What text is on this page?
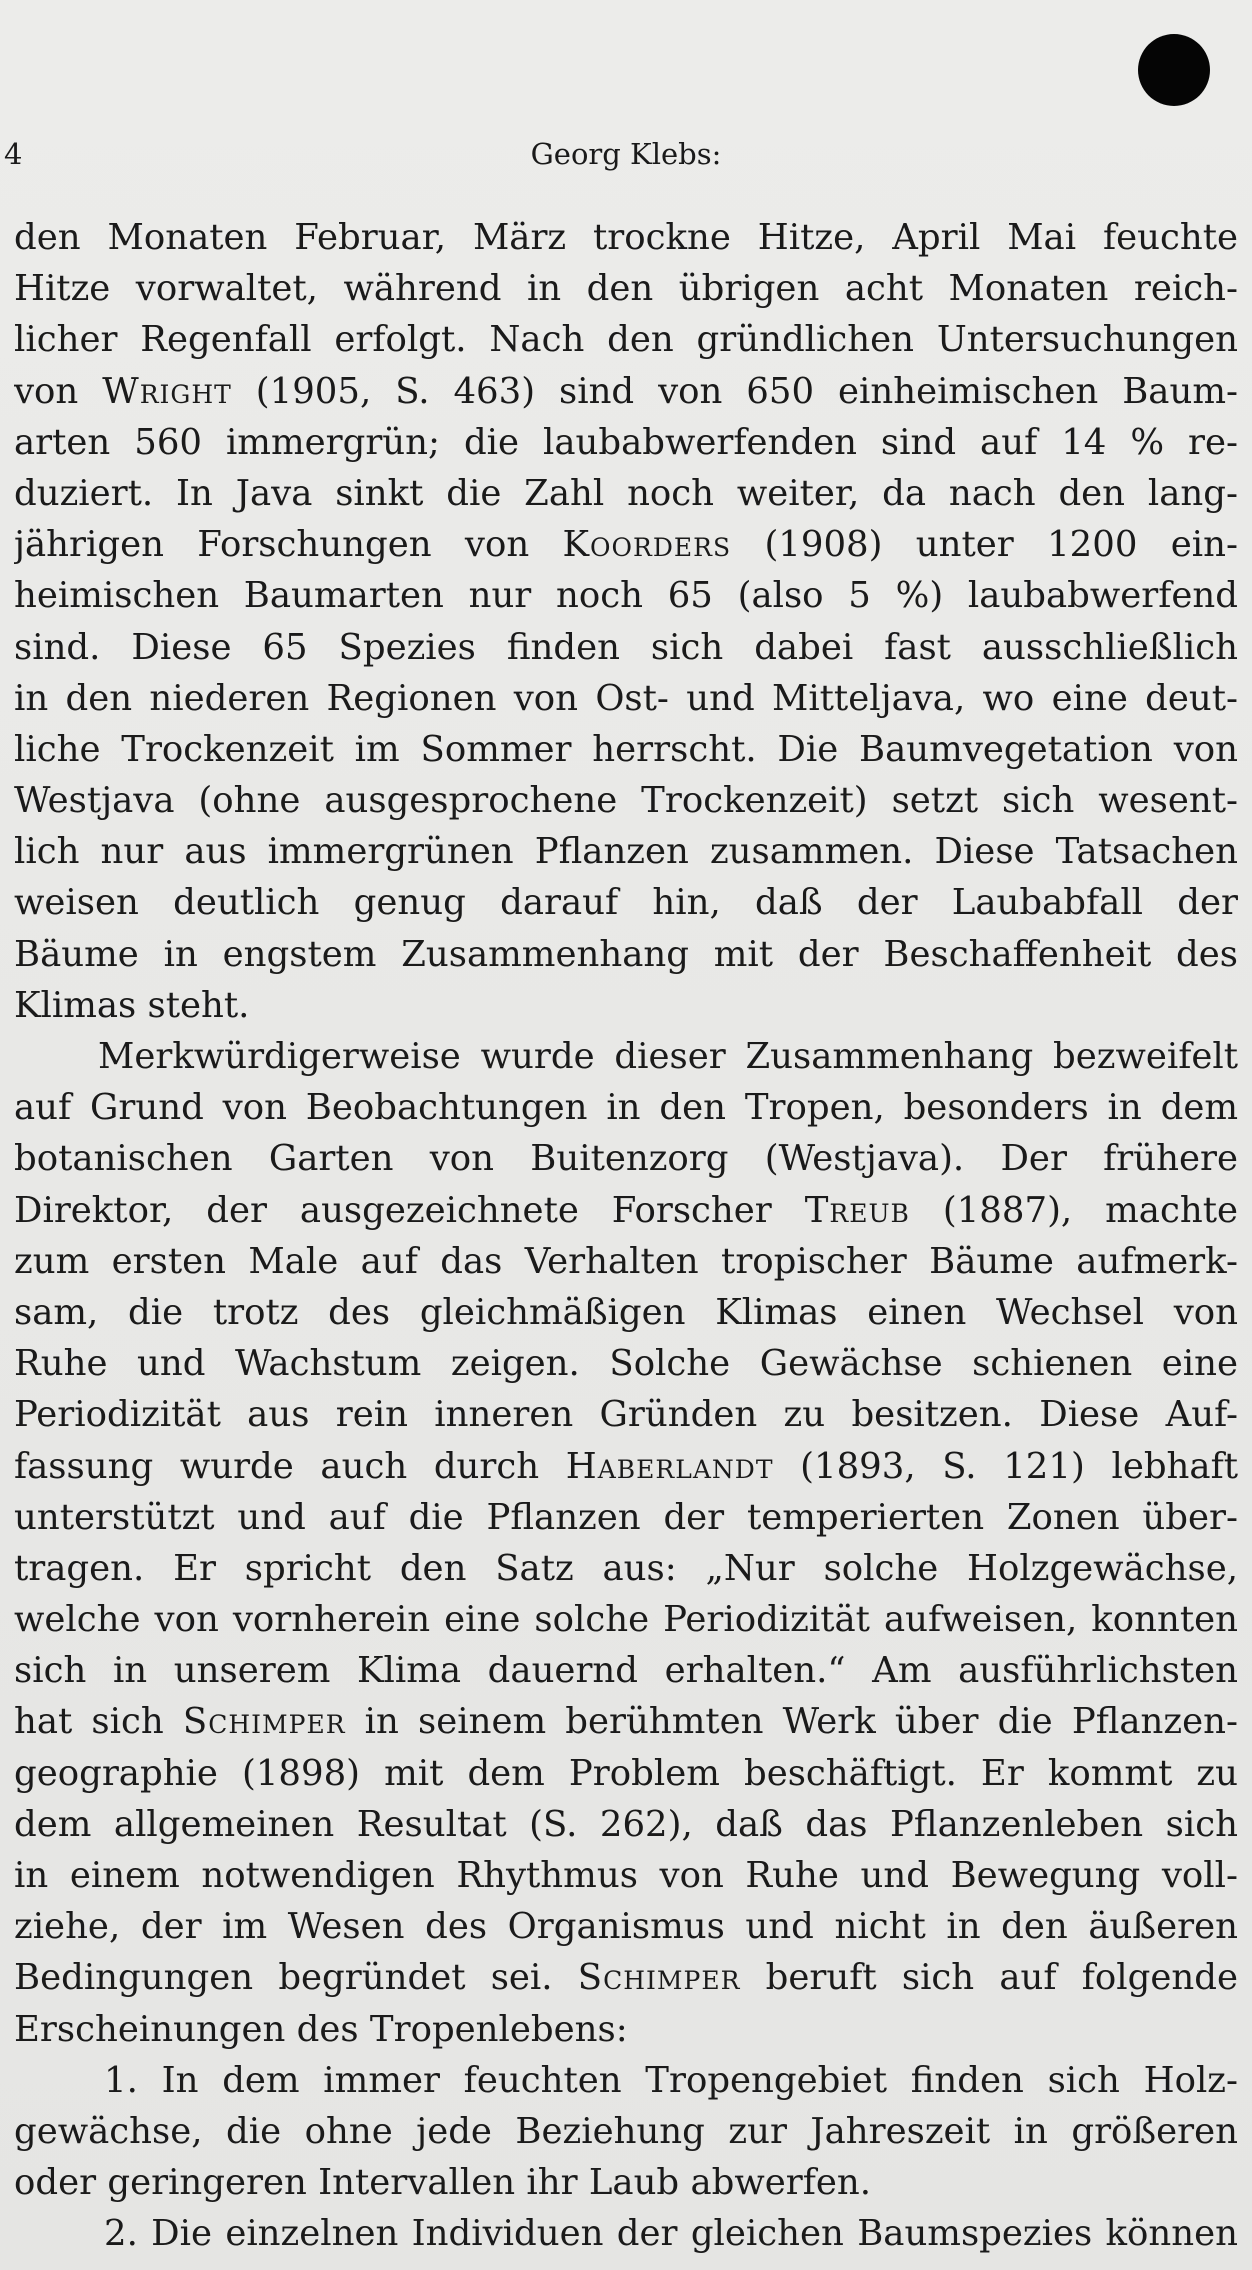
4	Georg Klebs:
den Monaten Februar, März trockne Hitze, April Mai feuchte
Hitze vorwaltet, während in den übrigen acht Monaten reich-
licher Regenfall erfolgt. Nach den gründlichen Untersuchungen
von Wright (1905, S. 463) sind von 650 einheimischen Baum-
arten 560 immergrün; die laubabwerfenden sind auf 14 % re-
duziert. In Java sinkt die Zahl noch weiter, da nach den lang-
jährigen Forschungen von Koorders (1908) unter 1200 ein-
heimischen Baumarten nur noch 65 (also 5 %) laubabwerfend
sind. Diese 65 Spezies finden sich dabei fast ausschließlich
in den niederen Regionen von Ost- und Mitteljava, wo eine deut-
liche Trockenzeit im Sommer herrscht. Die Baumvegetation von
Westjava (ohne ausgesprochene Trockenzeit) setzt sich wesent-
lich nur aus immergrünen Pflanzen zusammen. Diese Tatsachen
weisen deutlich genug darauf hin, daß der Laubabfall der
Bäume in engstem Zusammenhang mit der Beschaffenheit des
Klimas steht.
Merkwürdigerweise wurde dieser Zusammenhang bezweifelt
auf Grund von Beobachtungen in den Tropen, besonders in dem
botanischen Garten von Buitenzorg (Westjava). Der frühere
Direktor, der ausgezeichnete Forscher Treub (1887), machte
zum ersten Male auf das Verhalten tropischer Bäume aufmerk-
sam, die trotz des gleichmäßigen Klimas einen Wechsel von
Ruhe und Wachstum zeigen. Solche Gewächse schienen eine
Periodizität aus rein inneren Gründen zu besitzen. Diese Auf-
fassung wurde auch durch Haberlandt (1893, S. 121) lebhaft
unterstützt und auf die Pflanzen der temperierten Zonen über-
tragen. Er spricht den Satz aus: „Nur solche Holzgewächse,
welche von vornherein eine solche Periodizität aufweisen, konnten
sich in unserem Klima dauernd erhalten.“ Am ausführlichsten
hat sich Schimper in seinem berühmten Werk über die Pflanzen-
geographie (1898) mit dem Problem beschäftigt. Er kommt zu
dem allgemeinen Resultat (S. 262), daß das Pflanzenleben sich
in einem notwendigen Rhythmus von Ruhe und Bewegung voll-
ziehe, der im Wesen des Organismus und nicht in den äußeren
Bedingungen begründet sei. Schimper beruft sich auf folgende
Erscheinungen des Tropenlebens:
1. In dem immer feuchten Tropengebiet finden sich Holz-
gewächse, die ohne jede Beziehung zur Jahreszeit in größeren
oder geringeren Intervallen ihr Laub abwerfen.
2. Die einzelnen Individuen der gleichen Baumspezies können
